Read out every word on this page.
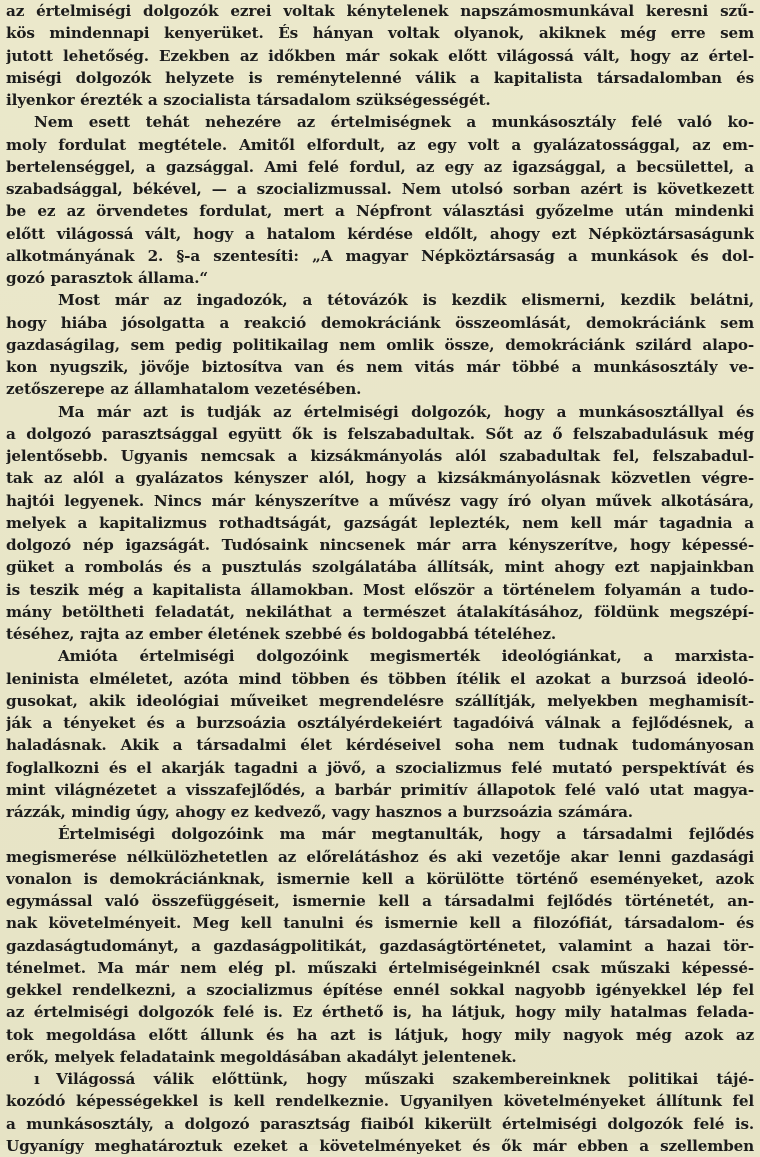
az értelmiségi dolgozók ezrei voltak kénytelenek napszámosmunkával keresni szű-
kös mindennapi kenyerüket. És hányan voltak olyanok, akiknek még erre sem
jutott lehetőség. Ezekben az időkben már sokak előtt világossá vált, hogy az értel-
miségi dolgozók helyzete is reménytelenné válik a kapitalista társadalomban és
ilyenkor érezték a szocialista társadalom szükségességét.
Nem esett tehát nehezére az értelmiségnek a munkásosztály felé való ko-
moly fordulat megtétele. Amitől elfordult, az egy volt a gyalázatossággal, az em-
bertelenséggel, a gazsággal. Ami felé fordul, az egy az igazsággal, a becsülettel, a
szabadsággal, békével, — a szocializmussal. Nem utolsó sorban azért is következett
be ez az örvendetes fordulat, mert a Népfront választási győzelme után mindenki
előtt világossá vált, hogy a hatalom kérdése eldőlt, ahogy ezt Népköztársaságunk
alkotmányának 2. §-a szentesíti: „A magyar Népköztársaság a munkások és dol-
gozó parasztok állama.“
Most már az ingadozók, a tétovázók is kezdik elismerni, kezdik belátni,
hogy hiába jósolgatta a reakció demokráciánk összeomlását, demokráciánk sem
gazdaságilag, sem pedig politikailag nem omlik össze, demokráciánk szilárd alapo-
kon nyugszik, jövője biztosítva van és nem vitás már többé a munkásosztály ve-
zetőszerepe az államhatalom vezetésében.
Ma már azt is tudják az értelmiségi dolgozók, hogy a munkásosztállyal és
a dolgozó parasztsággal együtt ők is felszabadultak. Sőt az ő felszabadulásuk még
jelentősebb. Ugyanis nemcsak a kizsákmányolás alól szabadultak fel, felszabadul-
tak az alól a gyalázatos kényszer alól, hogy a kizsákmányolásnak közvetlen végre-
hajtói legyenek. Nincs már kényszerítve a művész vagy író olyan művek alkotására,
melyek a kapitalizmus rothadtságát, gazságát leplezték, nem kell már tagadnia a
dolgozó nép igazságát. Tudósaink nincsenek már arra kényszerítve, hogy képessé-
güket a rombolás és a pusztulás szolgálatába állítsák, mint ahogy ezt napjainkban
is teszik még a kapitalista államokban. Most először a történelem folyamán a tudo-
mány betöltheti feladatát, nekiláthat a természet átalakításához, földünk megszépí-
téséhez, rajta az ember életének szebbé és boldogabbá tételéhez.
Amióta értelmiségi dolgozóink megismerték ideológiánkat, a marxista-
leninista elméletet, azóta mind többen és többen ítélik el azokat a burzsoá ideoló-
gusokat, akik ideológiai műveiket megrendelésre szállítják, melyekben meghamisít-
ják a tényeket és a burzsoázia osztályérdekeiért tagadóivá válnak a fejlődésnek, a
haladásnak. Akik a társadalmi élet kérdéseivel soha nem tudnak tudományosan
foglalkozni és el akarják tagadni a jövő, a szocializmus felé mutató perspektívát és
mint világnézetet a visszafejlődés, a barbár primitív állapotok felé való utat magya-
rázzák, mindig úgy, ahogy ez kedvező, vagy hasznos a burzsoázia számára.
Értelmiségi dolgozóink ma már megtanulták, hogy a társadalmi fejlődés
megismerése nélkülözhetetlen az előrelátáshoz és aki vezetője akar lenni gazdasági
vonalon is demokráciánknak, ismernie kell a körülötte történő eseményeket, azok
egymással való összefüggéseit, ismernie kell a társadalmi fejlődés történetét, an-
nak követelményeit. Meg kell tanulni és ismernie kell a filozófiát, társadalom- és
gazdaságtudományt, a gazdaságpolitikát, gazdaságtörténetet, valamint a hazai tör-
ténelmet. Ma már nem elég pl. műszaki értelmiségeinknél csak műszaki képessé-
gekkel rendelkezni, a szocializmus építése ennél sokkal nagyobb igényekkel lép fel
az értelmiségi dolgozók felé is. Ez érthető is, ha látjuk, hogy mily hatalmas felada-
tok megoldása előtt állunk és ha azt is látjuk, hogy mily nagyok még azok az
erők, melyek feladataink megoldásában akadályt jelentenek.
ı Világossá válik előttünk, hogy műszaki szakembereinknek politikai tájé-
kozódó képességekkel is kell rendelkeznie. Ugyanilyen követelményeket állítunk fel
a munkásosztály, a dolgozó parasztság fiaiból kikerült értelmiségi dolgozók felé is.
Ugyanígy meghatároztuk ezeket a követelményeket és ők már ebben a szellemben
